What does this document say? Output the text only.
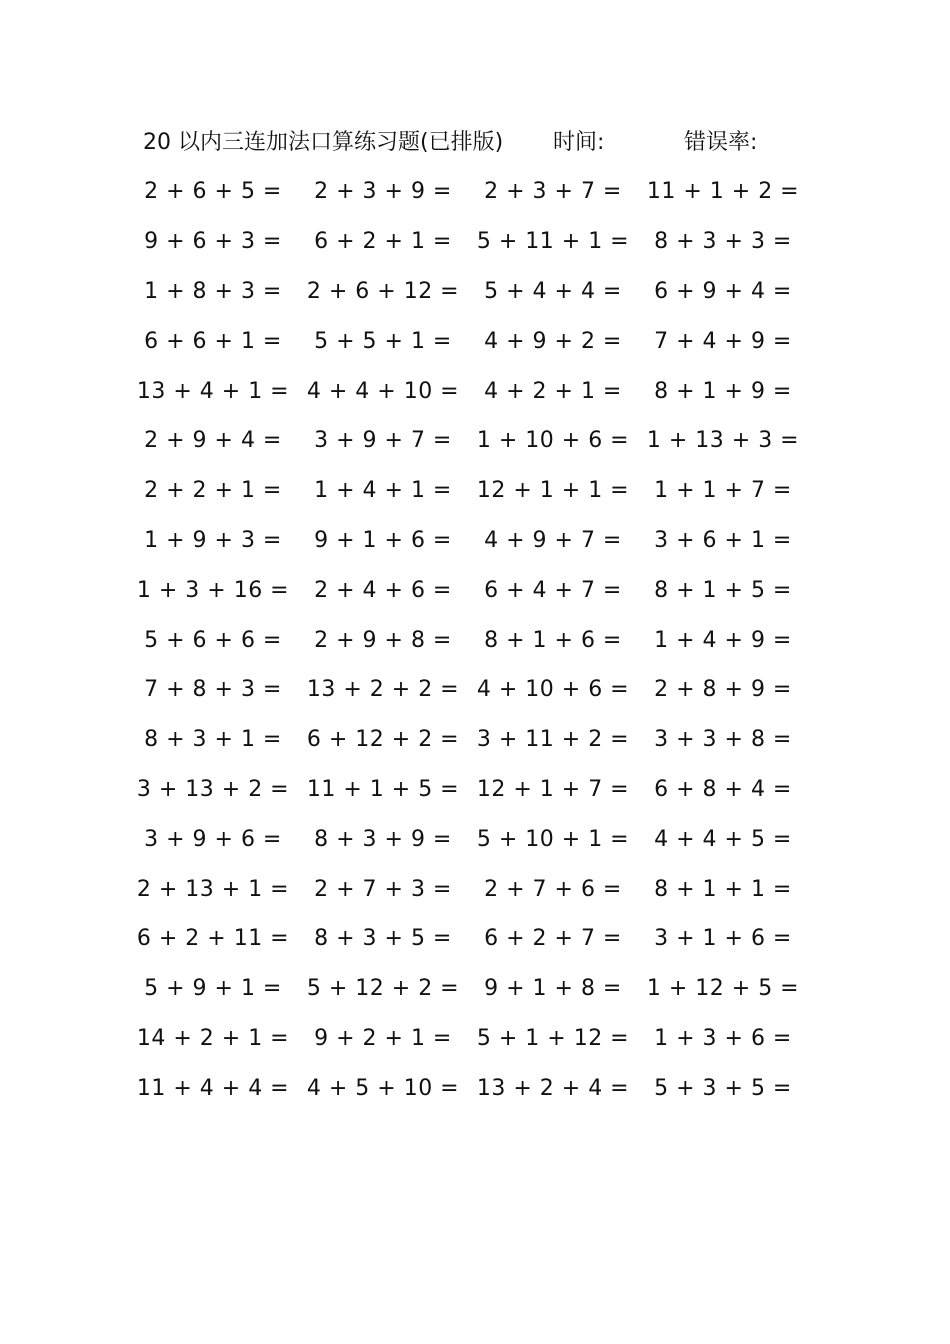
20 以内三连加法口算练习题(已排版) 时间:	错误率:
2 + 6 + 5 =	2 + 3 + 9 =	2 + 3 + 7 =	11 + 1 + 2 =
9 + 6 + 3 =	6 + 2 + 1 =	5 + 11 + 1 =	8 + 3 + 3 =
1 + 8 + 3 =	2 + 6 + 12 =	5 + 4 + 4 =	6 + 9 + 4 =
6 + 6 + 1 =	5 + 5 + 1 =	4 + 9 + 2 =	7 + 4 + 9 =
13 + 4 + 1 = 4 + 4 + 10 =	4 + 2 + 1 =	8 + 1 + 9 =
2 + 9 + 4 =	3 + 9 + 7 =	1 + 10 + 6 = 1 + 13 + 3 =
2 + 2 + 1 =	1 + 4 + 1 =	12 + 1 + 1 =	1 + 1 + 7 =
1 + 9 + 3 =	9 + 1 + 6 =	4 + 9 + 7 =	3 + 6 + 1 =
1 + 3 + 16 =	2 + 4 + 6 =	6 + 4 + 7 =	8 + 1 + 5 =
5 + 6 + 6 =	2 + 9 + 8 =	8 + 1 + 6 =	1 + 4 + 9 =
7 + 8 + 3 =	13 + 2 + 2 = 4 + 10 + 6 =	2 + 8 + 9 =
8 + 3 + 1 =	6 + 12 + 2 = 3 + 11 + 2 =	3 + 3 + 8 =
3 + 13 + 2 = 11 + 1 + 5 = 12 + 1 + 7 =	6 + 8 + 4 =
3 + 9 + 6 =	8 + 3 + 9 =	5 + 10 + 1 =	4 + 4 + 5 =
2 + 13 + 1 =	2 + 7 + 3 =	2 + 7 + 6 =	8 + 1 + 1 =
6 + 2 + 11 =	8 + 3 + 5 =	6 + 2 + 7 =	3 + 1 + 6 =
5 + 9 + 1 =	5 + 12 + 2 =	9 + 1 + 8 =	1 + 12 + 5 =
14 + 2 + 1 =	9 + 2 + 1 =	5 + 1 + 12 =	1 + 3 + 6 =
11 + 4 + 4 = 4 + 5 + 10 = 13 + 2 + 4 =	5 + 3 + 5 =
